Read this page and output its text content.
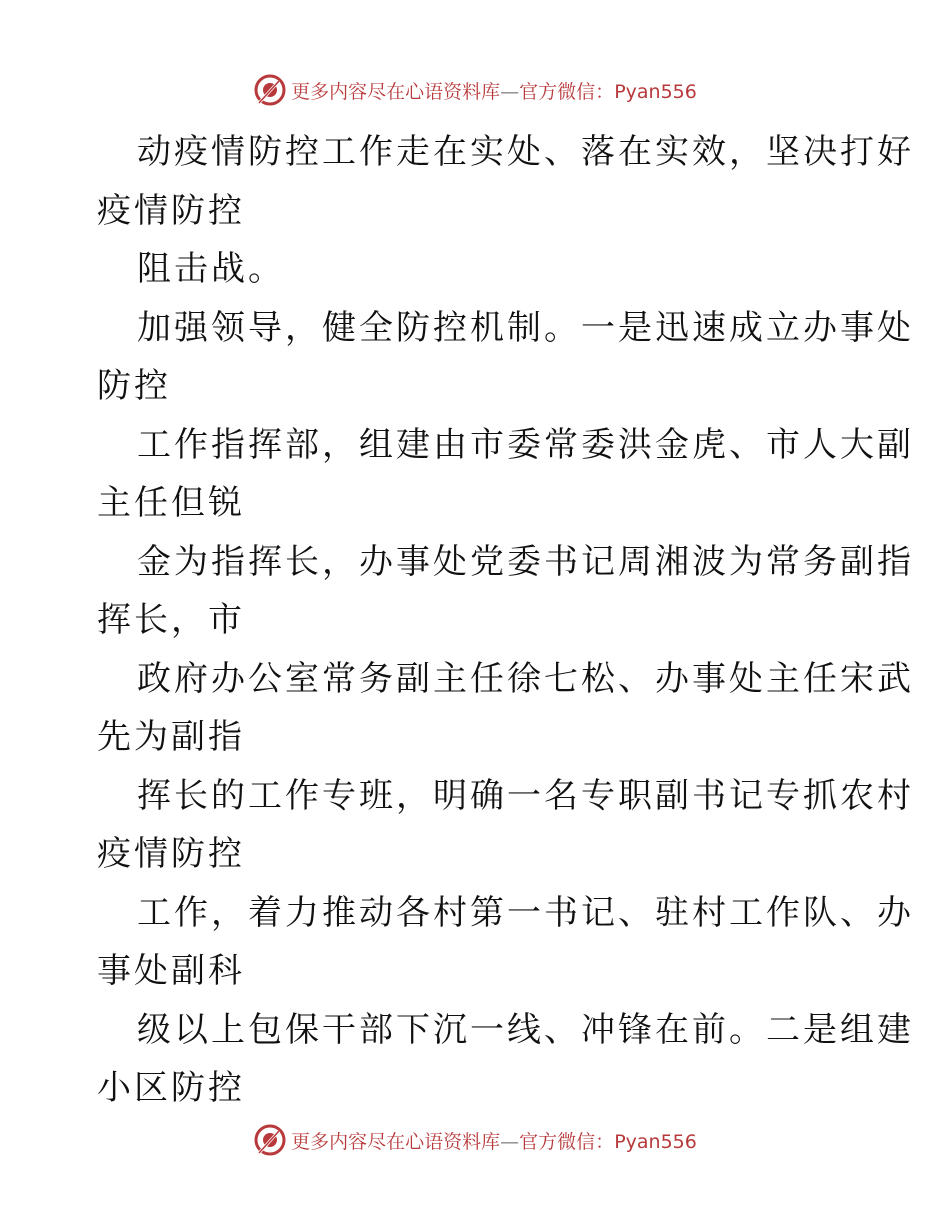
更多内容尽在心语资料库—官方微信：Pyan556
动疫情防控工作走在实处、落在实效，坚决打好
疫情防控
阻击战。
加强领导，健全防控机制。一是迅速成立办事处
防控
工作指挥部，组建由市委常委洪金虎、市人大副
主任但锐
金为指挥长，办事处党委书记周湘波为常务副指
挥长，市
政府办公室常务副主任徐七松、办事处主任宋武
先为副指
挥长的工作专班，明确一名专职副书记专抓农村
疫情防控
工作，着力推动各村第一书记、驻村工作队、办
事处副科
级以上包保干部下沉一线、冲锋在前。二是组建
小区防控
更多内容尽在心语资料库—官方微信：Pyan556
